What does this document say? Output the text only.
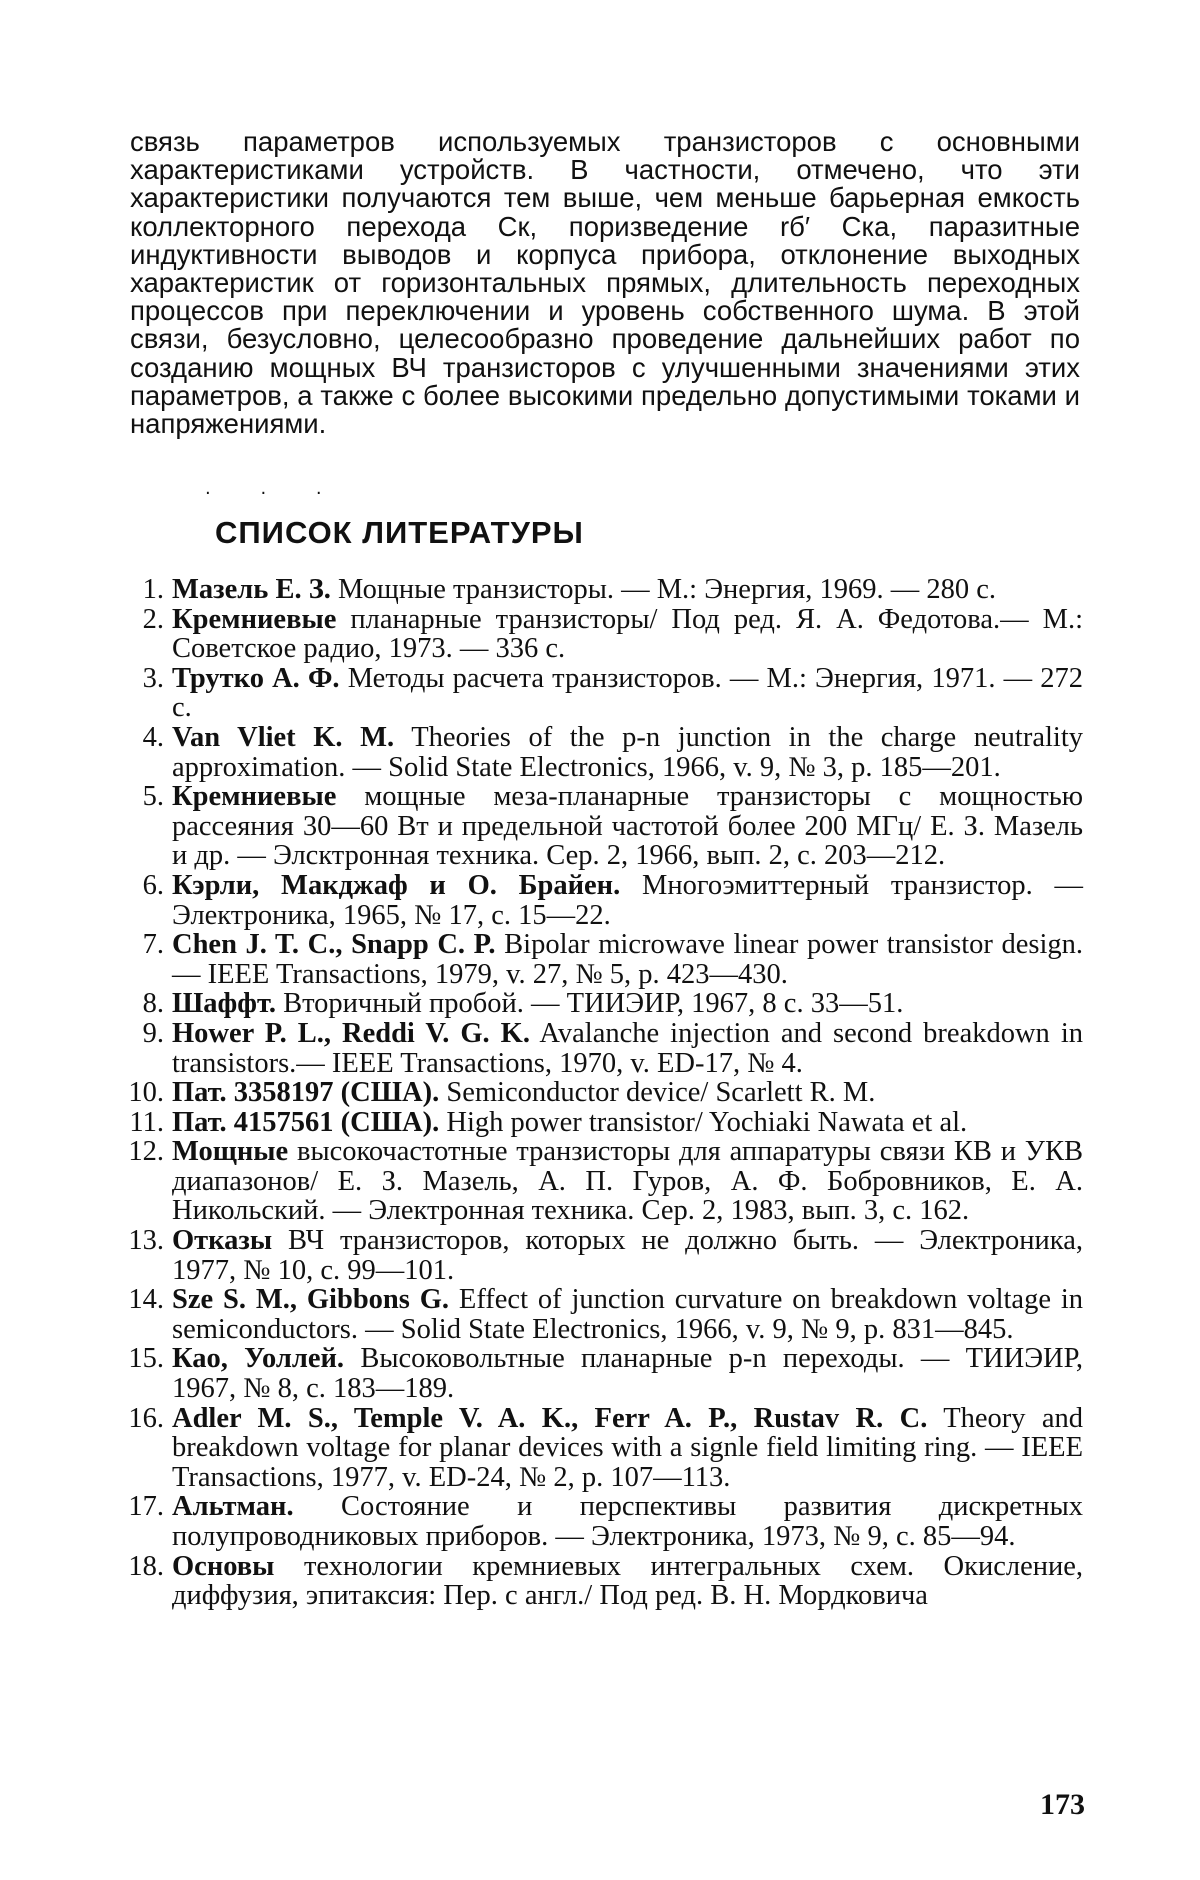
связь параметров используемых транзисторов с основными характеристиками устройств. В частности, отмечено, что эти характеристики получаются тем выше, чем меньше барьерная емкость коллекторного перехода Cк, поризведение rб′ Cка, паразитные индуктивности выводов и корпуса прибора, отклонение выходных характеристик от горизонтальных прямых, длительность переходных процессов при переключении и уровень собственного шума. В этой связи, безусловно, целесообразно проведение дальнейших работ по созданию мощных ВЧ транзисторов с улучшенными значениями этих параметров, а также с более высокими предельно допустимыми токами и напряжениями.

. . .
СПИСОК ЛИТЕРАТУРЫ
1. Мазель Е. З. Мощные транзисторы. — М.: Энергия, 1969. — 280 с.
2. Кремниевые планарные транзисторы/ Под ред. Я. А. Федотова.— М.: Советское радио, 1973. — 336 с.
3. Трутко А. Ф. Методы расчета транзисторов. — М.: Энергия, 1971. — 272 с.
4. Van Vliet K. M. Theories of the p-n junction in the charge neutrality approximation. — Solid State Electronics, 1966, v. 9, № 3, p. 185—201.
5. Кремниевые мощные меза-планарные транзисторы с мощностью рассеяния 30—60 Вт и предельной частотой более 200 МГц/ Е. З. Мазель и др. — Элсктронная техника. Сер. 2, 1966, вып. 2, с. 203—212.
6. Кэрли, Макджаф и О. Брайен. Многоэмиттерный транзистор. — Электроника, 1965, № 17, с. 15—22.
7. Chen J. T. C., Snapp C. P. Bipolar microwave linear power transistor design. — IEEE Transactions, 1979, v. 27, № 5, p. 423—430.
8. Шаффт. Вторичный пробой. — ТИИЭИР, 1967, 8 с. 33—51.
9. Hower P. L., Reddi V. G. K. Avalanche injection and second breakdown in transistors.— IEEE Transactions, 1970, v. ED-17, № 4.
10. Пат. 3358197 (США). Semiconductor device/ Scarlett R. M.
11. Пат. 4157561 (США). High power transistor/ Yochiaki Nawata et al.
12. Мощные высокочастотные транзисторы для аппаратуры связи КВ и УКВ диапазонов/ Е. З. Мазель, А. П. Гуров, А. Ф. Бобровников, Е. А. Никольский. — Электронная техника. Сер. 2, 1983, вып. 3, с. 162.
13. Отказы ВЧ транзисторов, которых не должно быть. — Электроника, 1977, № 10, с. 99—101.
14. Sze S. M., Gibbons G. Effect of junction curvature on breakdown voltage in semiconductors. — Solid State Electronics, 1966, v. 9, № 9, p. 831—845.
15. Као, Уоллей. Высоковольтные планарные p-n переходы. — ТИИЭИР, 1967, № 8, с. 183—189.
16. Adler M. S., Temple V. A. K., Ferr A. P., Rustav R. C. Theory and breakdown voltage for planar devices with a signle field limiting ring. — IEEE Transactions, 1977, v. ED-24, № 2, p. 107—113.
17. Альтман. Состояние и перспективы развития дискретных полупроводниковых приборов. — Электроника, 1973, № 9, с. 85—94.
18. Основы технологии кремниевых интегральных схем. Окисление, диффузия, эпитаксия: Пер. с англ./ Под ред. В. Н. Мордковича
173
